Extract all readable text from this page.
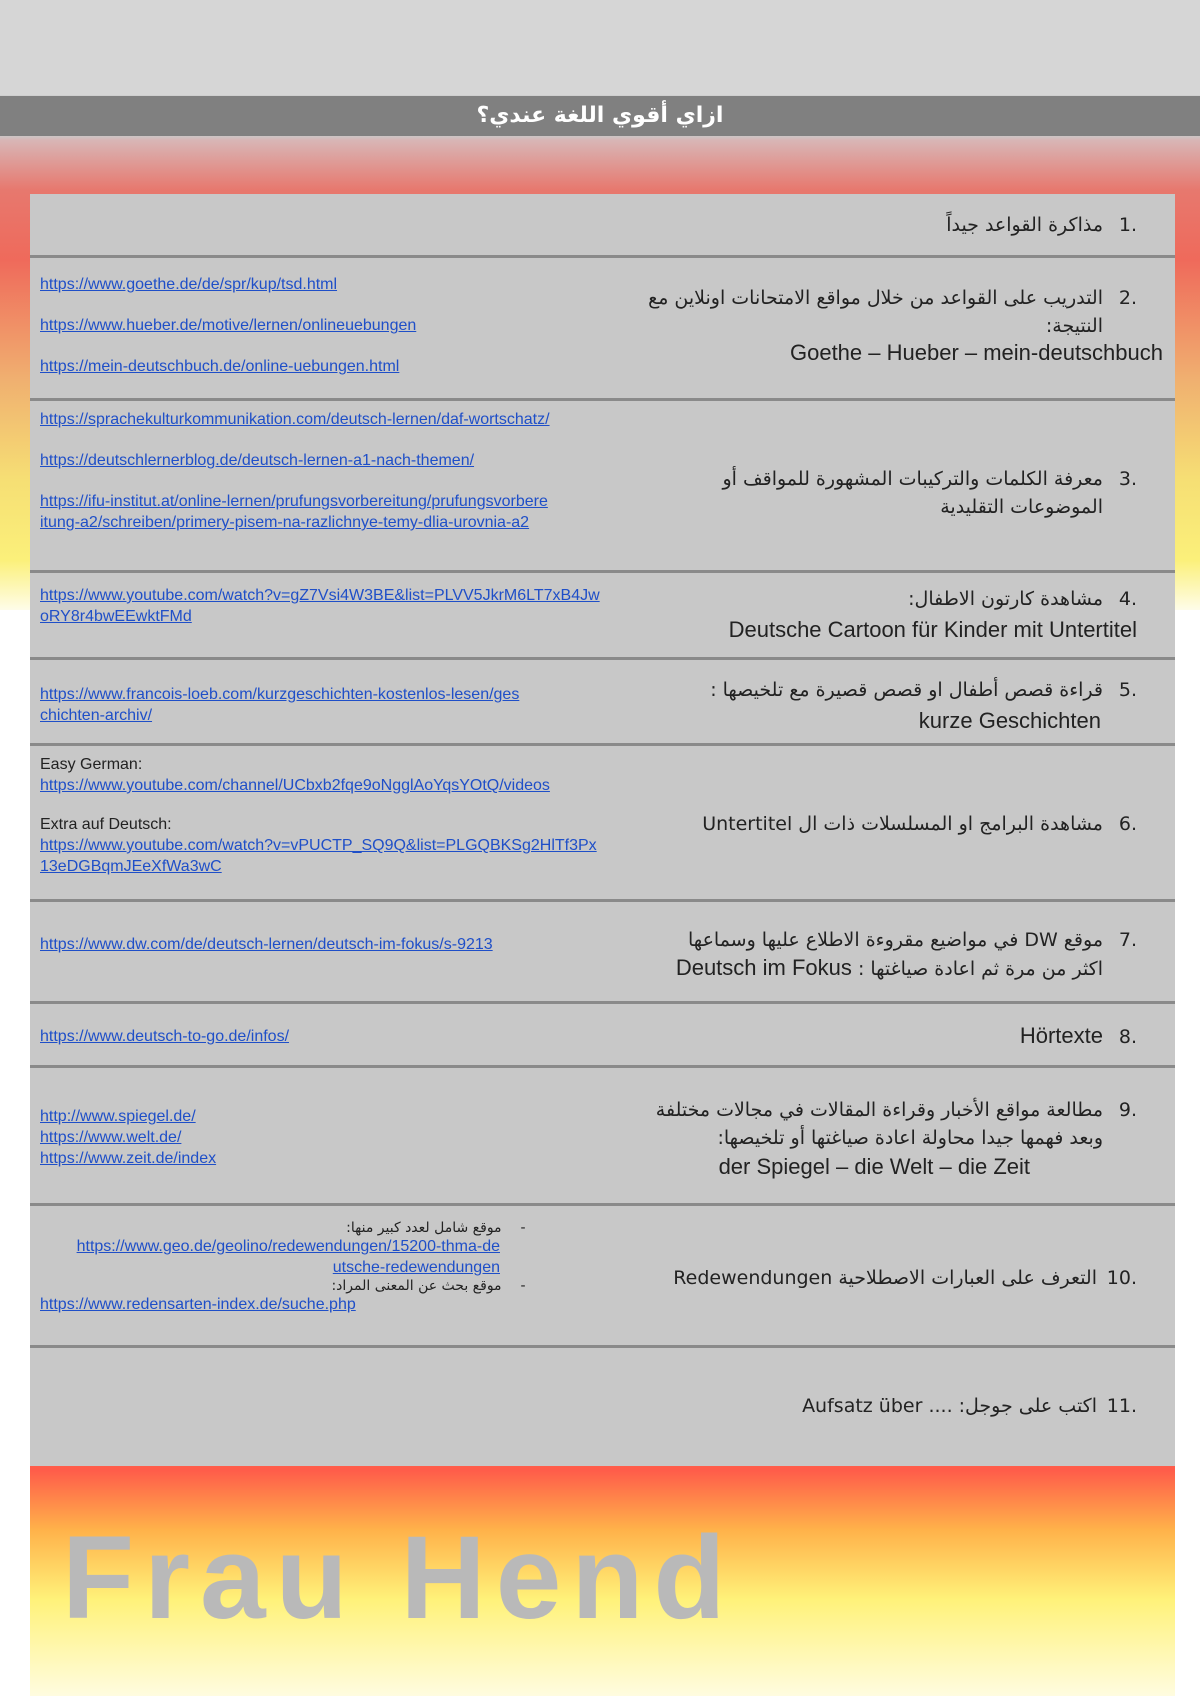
ازاي أقوي اللغة عندي؟
.1مذاكرة القواعد جيداً
.2التدريب على القواعد من خلال مواقع الامتحانات اونلاين مع
النتيجة:
Goethe – Hueber – mein-deutschbuch
https://www.goethe.de/de/spr/kup/tsd.html
https://www.hueber.de/motive/lernen/onlineuebungen
https://mein-deutschbuch.de/online-uebungen.html
.3معرفة الكلمات والتركيبات المشهورة للمواقف أو
الموضوعات التقليدية
https://sprachekulturkommunikation.com/deutsch-lernen/daf-wortschatz/
https://deutschlernerblog.de/deutsch-lernen-a1-nach-themen/
https://ifu-institut.at/online-lernen/prufungsvorbereitung/prufungsvorbereitung-a2/schreiben/primery-pisem-na-razlichnye-temy-dlia-urovnia-a2
.4مشاهدة كارتون الاطفال:
Deutsche Cartoon für Kinder mit Untertitel
https://www.youtube.com/watch?v=gZ7Vsi4W3BE&list=PLVV5JkrM6LT7xB4JwoRY8r4bwEEwktFMd
.5قراءة قصص أطفال او قصص قصيرة مع تلخيصها :
kurze Geschichten
https://www.francois-loeb.com/kurzgeschichten-kostenlos-lesen/geschichten-archiv/
.6مشاهدة البرامج او المسلسلات ذات ال Untertitel
Easy German:
https://www.youtube.com/channel/UCbxb2fqe9oNgglAoYqsYOtQ/videos
Extra auf Deutsch:
https://www.youtube.com/watch?v=vPUCTP_SQ9Q&list=PLGQBKSg2HlTf3Px13eDGBqmJEeXfWa3wC
.7موقع DW في مواضيع مقروءة الاطلاع عليها وسماعها
اكثر من مرة ثم اعادة صياغتها : Deutsch im Fokus
https://www.dw.com/de/deutsch-lernen/deutsch-im-fokus/s-9213
.8Hörtexte
https://www.deutsch-to-go.de/infos/
.9مطالعة مواقع الأخبار وقراءة المقالات في مجالات مختلفة
وبعد فهمها جيدا محاولة اعادة صياغتها أو تلخيصها:
der Spiegel – die Welt – die Zeit
http://www.spiegel.de/
https://www.welt.de/
https://www.zeit.de/index
.10التعرف على العبارات الاصطلاحية Redewendungen
- موقع شامل لعدد كبير منها:
https://www.geo.de/geolino/redewendungen/15200-thma-deutsche-redewendungen
- موقع بحث عن المعنى المراد:
https://www.redensarten-index.de/suche.php
.11اكتب على جوجل: .... Aufsatz über
Frau Hend
